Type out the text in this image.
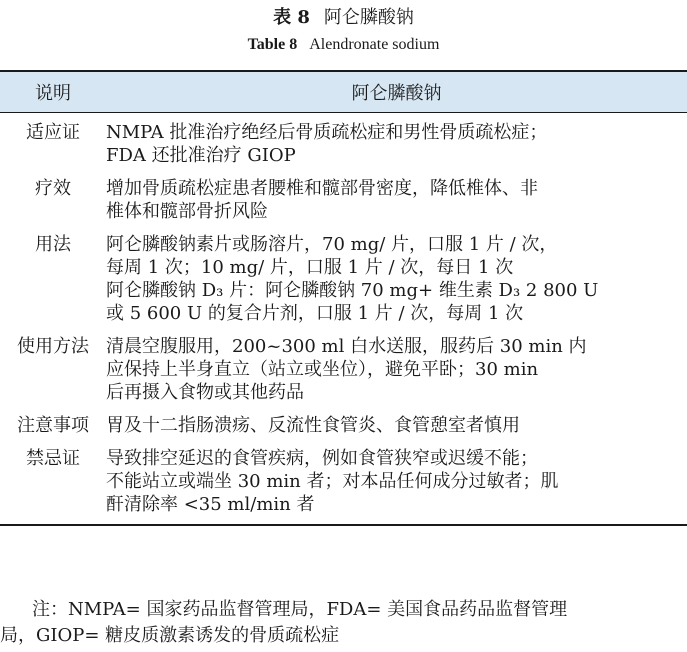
表 8 阿仑膦酸钠
Table 8 Alendronate sodium
说明	阿仑膦酸钠
适应证	NMPA 批准治疗绝经后骨质疏松症和男性骨质疏松症；
FDA 还批准治疗 GIOP
疗效	增加骨质疏松症患者腰椎和髋部骨密度，降低椎体、非
椎体和髋部骨折风险
用法	阿仑膦酸钠素片或肠溶片，70 mg/ 片，口服 1 片 / 次，
每周 1 次；10 mg/ 片，口服 1 片 / 次，每日 1 次
阿仑膦酸钠 D₃ 片：阿仑膦酸钠 70 mg+ 维生素 D₃ 2 800 U
或 5 600 U 的复合片剂，口服 1 片 / 次，每周 1 次
使用方法 清晨空腹服用，200~300 ml 白水送服，服药后 30 min 内
应保持上半身直立（站立或坐位），避免平卧；30 min
后再摄入食物或其他药品
注意事项 胃及十二指肠溃疡、反流性食管炎、食管憩室者慎用
禁忌证	导致排空延迟的食管疾病，例如食管狭窄或迟缓不能；
不能站立或端坐 30 min 者；对本品任何成分过敏者；肌
酐清除率 <35 ml/min 者
注：NMPA= 国家药品监督管理局，FDA= 美国食品药品监督管理
局，GIOP= 糖皮质激素诱发的骨质疏松症
